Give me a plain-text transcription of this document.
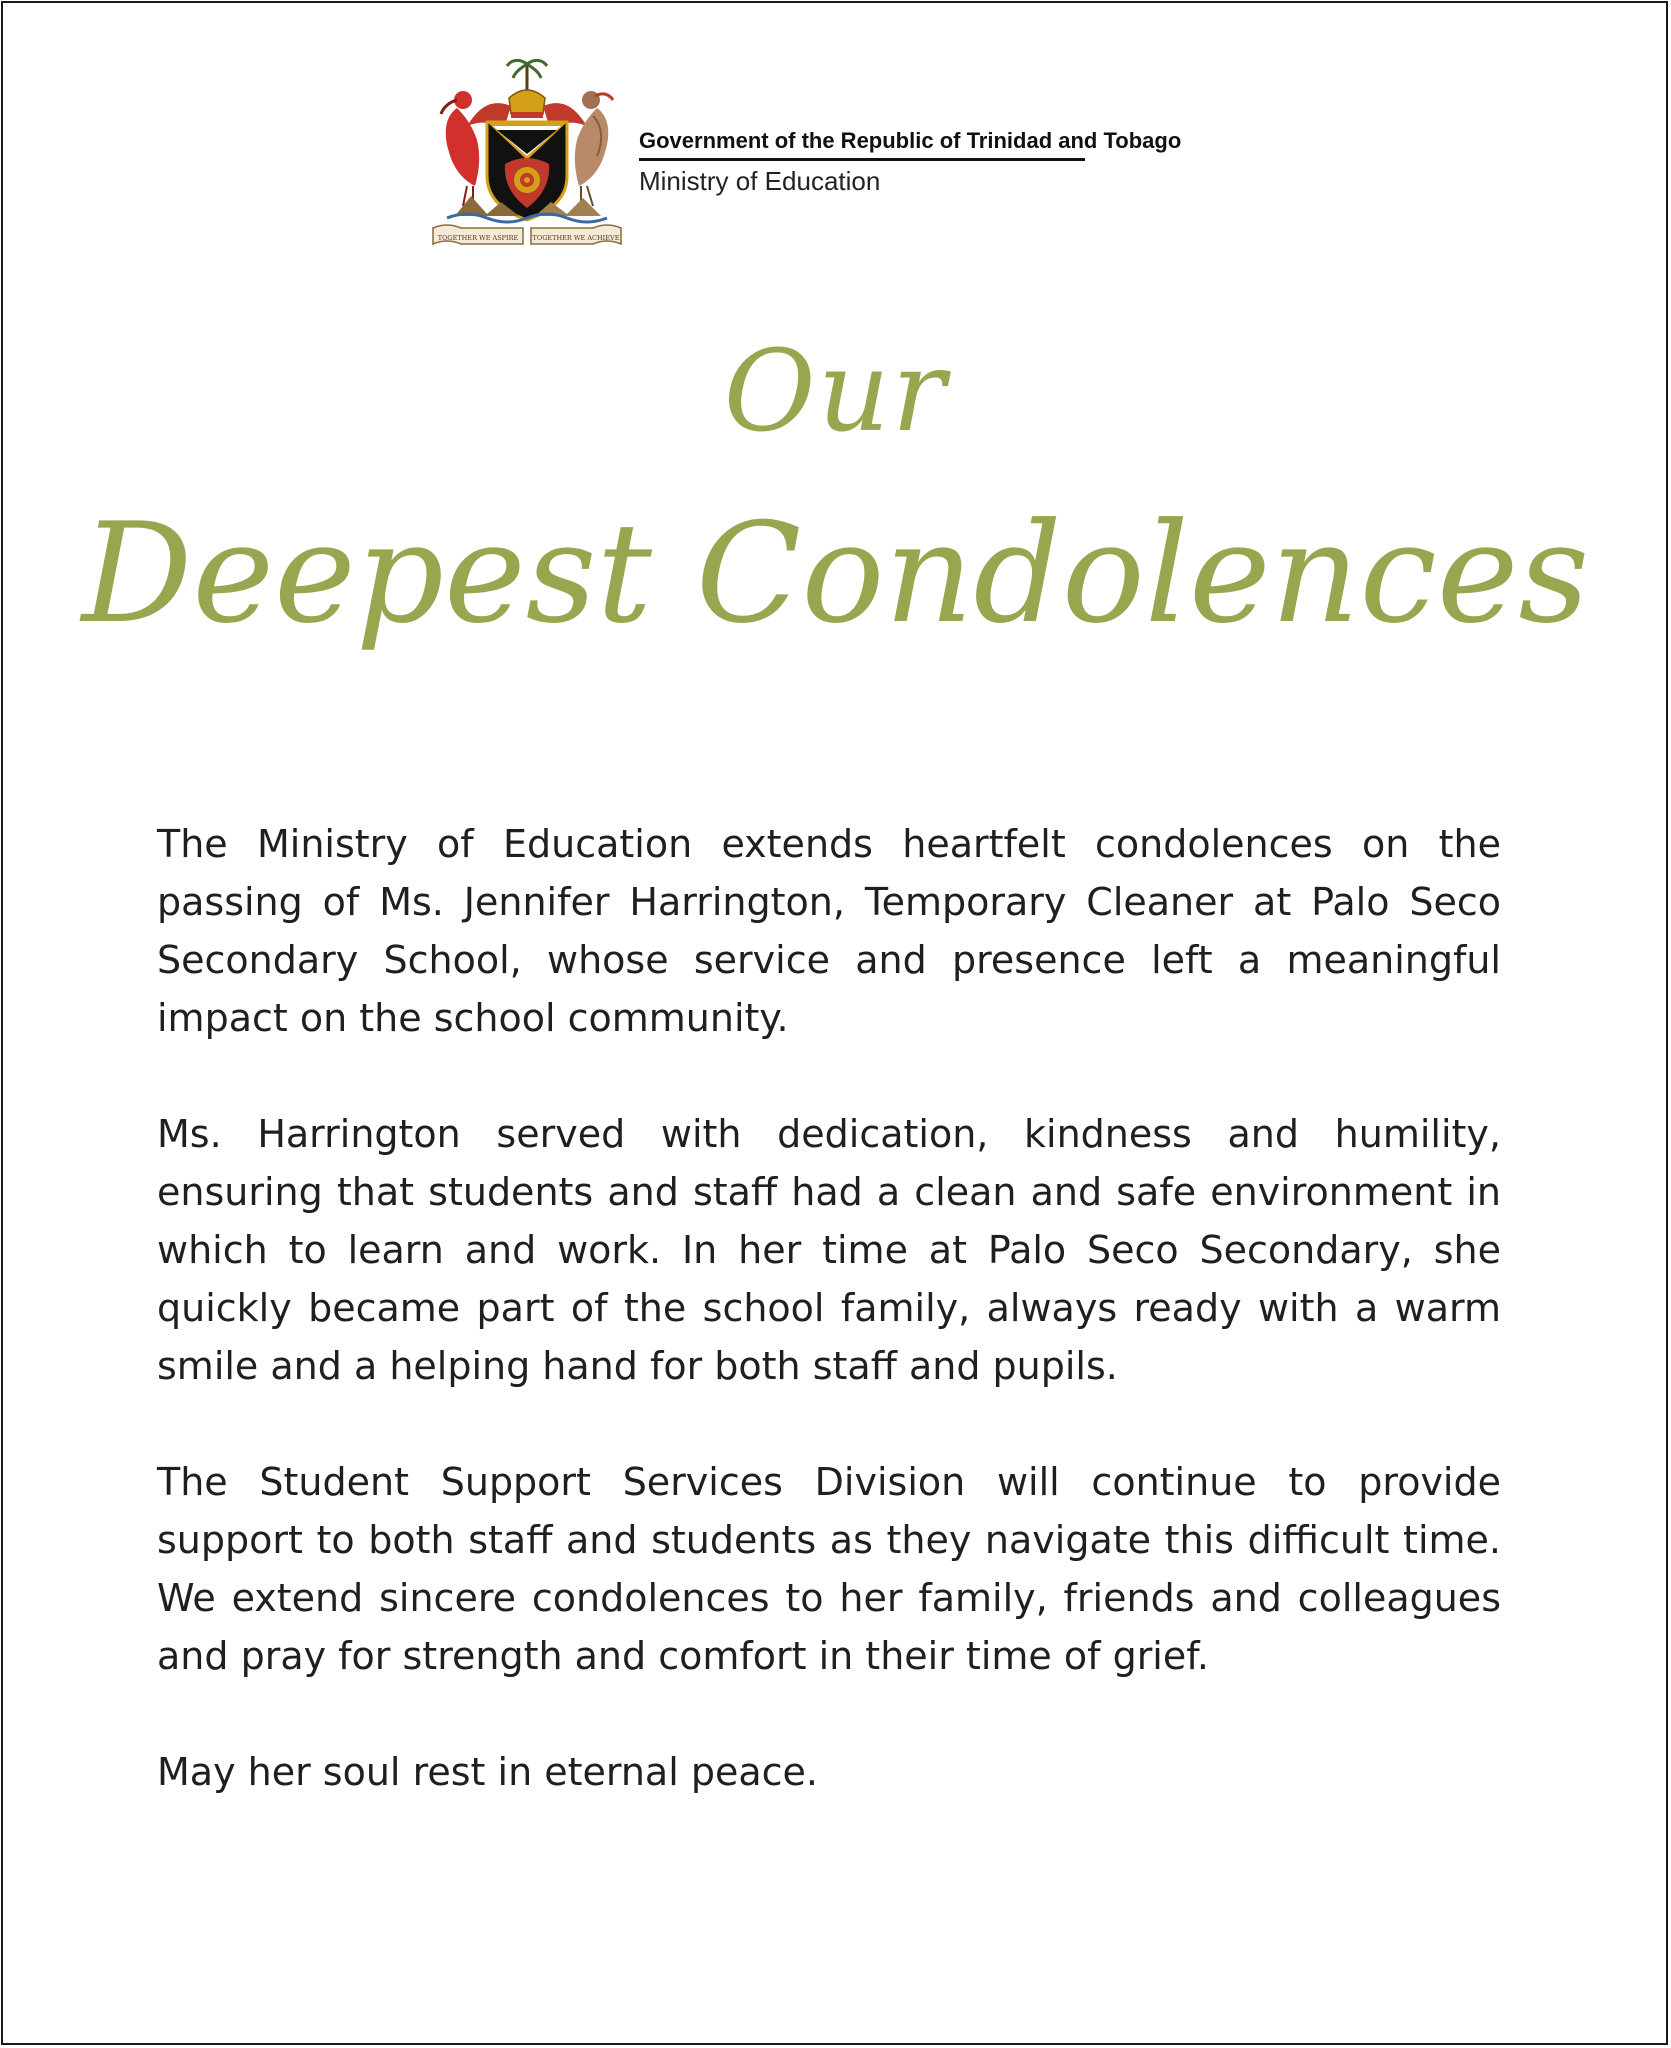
TOGETHER WE ASPIRE TOGETHER WE ACHIEVE
Government of the Republic of Trinidad and Tobago
Ministry of Education
Our
Deepest Condolences

The Ministry of Education extends heartfelt condolences on the passing of Ms. Jennifer Harrington, Temporary Cleaner at Palo Seco Secondary School, whose service and presence left a meaningful impact on the school community.

Ms. Harrington served with dedication, kindness and humility, ensuring that students and staff had a clean and safe environment in which to learn and work. In her time at Palo Seco Secondary, she quickly became part of the school family, always ready with a warm smile and a helping hand for both staff and pupils.

The Student Support Services Division will continue to provide support to both staff and students as they navigate this difficult time. We extend sincere condolences to her family, friends and colleagues and pray for strength and comfort in their time of grief.

May her soul rest in eternal peace.
